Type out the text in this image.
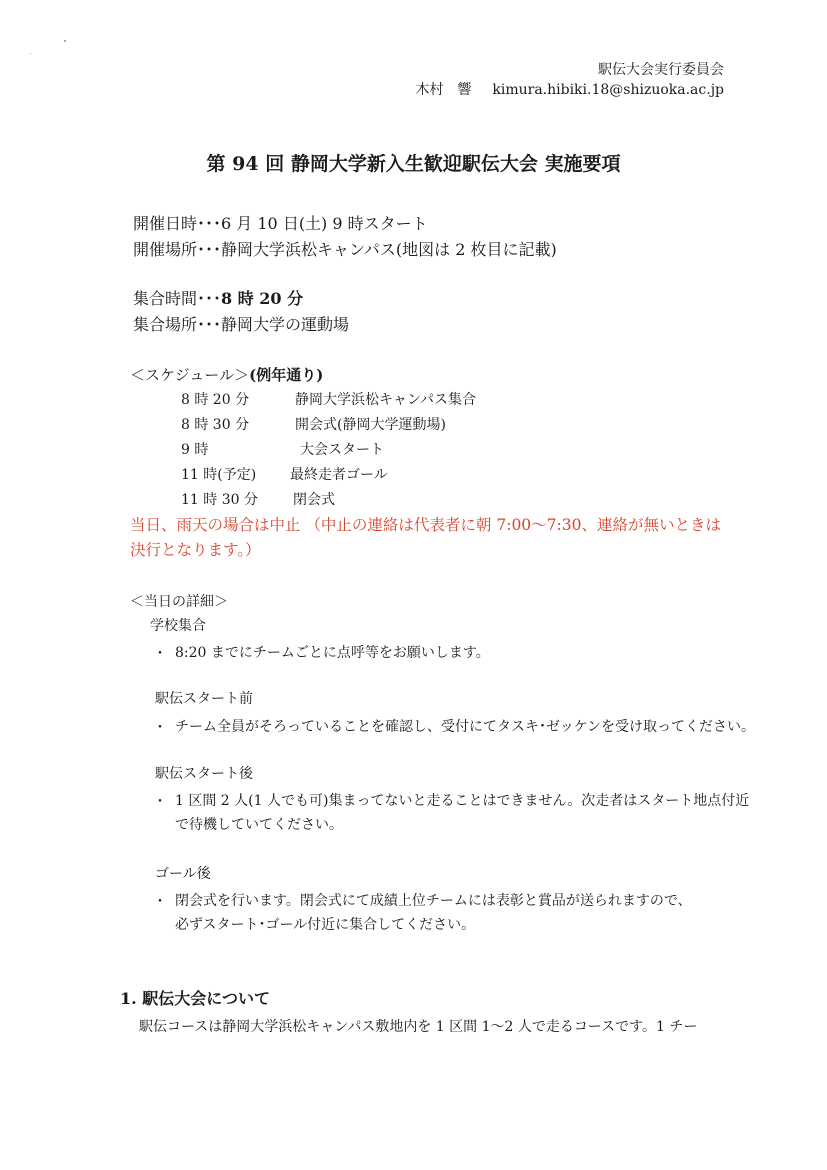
駅伝大会実行委員会
木村　響 kimura.hibiki.18@shizuoka.ac.jp
第 94 回 静岡大学新入生歓迎駅伝大会 実施要項
開催日時･･･6 月 10 日(土) 9 時スタート
開催場所･･･静岡大学浜松キャンパス(地図は 2 枚目に記載)
集合時間･･･8 時 20 分
集合場所･･･静岡大学の運動場
＜スケジュール＞(例年通り)
8 時 20 分	静岡大学浜松キャンパス集合
8 時 30 分	開会式(静岡大学運動場)
9 時	大会スタート
11 時(予定) 最終走者ゴール
11 時 30 分	閉会式
当日、雨天の場合は中止 （中止の連絡は代表者に朝 7:00～7:30、連絡が無いときは
決行となります。）
＜当日の詳細＞
学校集合
・ 8:20 までにチームごとに点呼等をお願いします。
駅伝スタート前
・ チーム全員がそろっていることを確認し、受付にてタスキ･ゼッケンを受け取ってください。
駅伝スタート後
・ 1 区間 2 人(1 人でも可)集まってないと走ることはできません。次走者はスタート地点付近
で待機していてください。
ゴール後
・ 閉会式を行います。閉会式にて成績上位チームには表彰と賞品が送られますので、
必ずスタート･ゴール付近に集合してください。
1. 駅伝大会について
駅伝コースは静岡大学浜松キャンパス敷地内を 1 区間 1～2 人で走るコースです。1 チー
